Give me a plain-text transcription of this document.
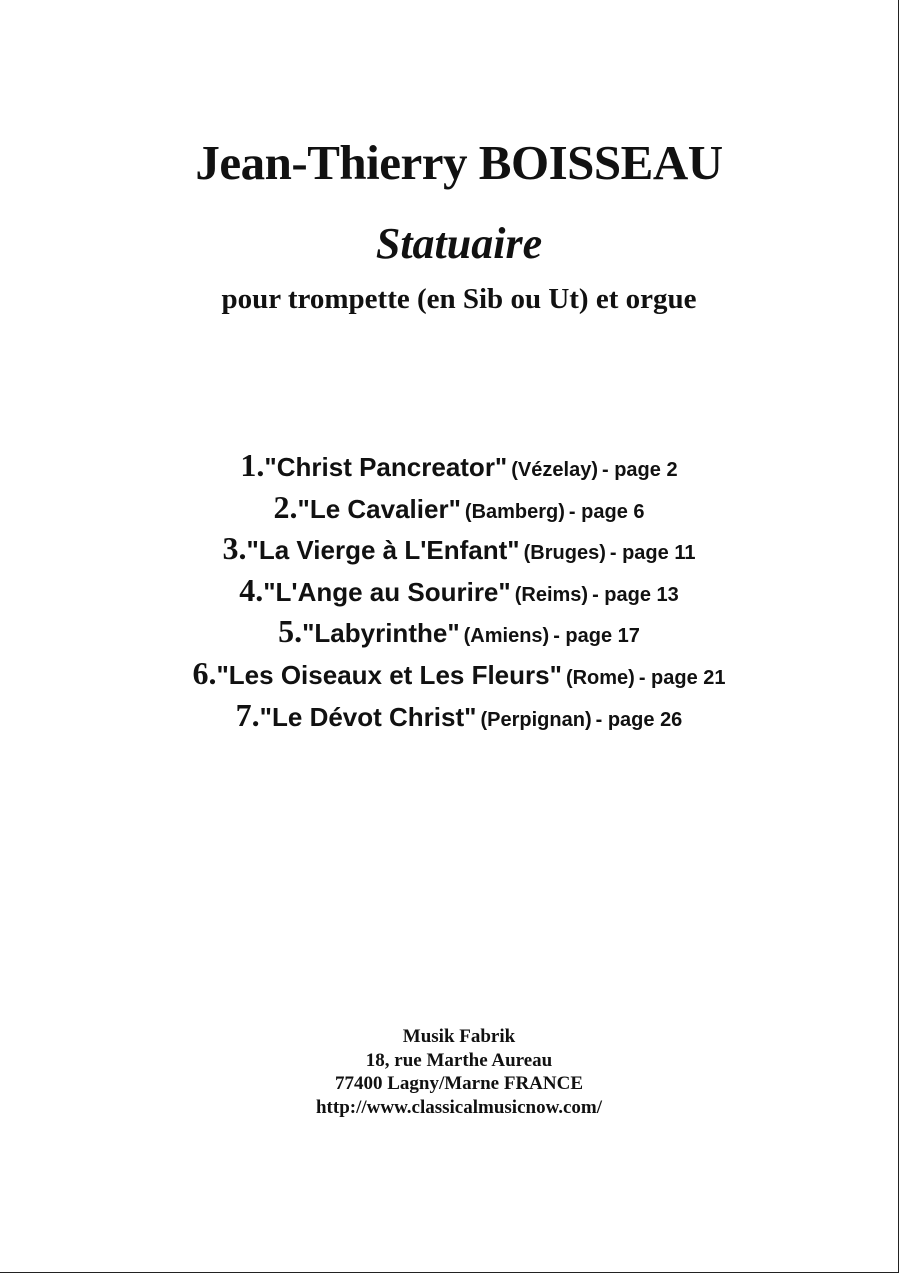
Jean-Thierry BOISSEAU
Statuaire
pour trompette (en Sib ou Ut) et orgue
1."Christ Pancreator" (Vézelay) - page 2
2."Le Cavalier" (Bamberg) - page 6
3."La Vierge à L'Enfant" (Bruges) - page 11
4."L'Ange au Sourire" (Reims) - page 13
5."Labyrinthe" (Amiens) - page 17
6."Les Oiseaux et Les Fleurs" (Rome) - page 21
7."Le Dévot Christ" (Perpignan) - page 26
Musik Fabrik
18, rue Marthe Aureau
77400 Lagny/Marne FRANCE
http://www.classicalmusicnow.com/
